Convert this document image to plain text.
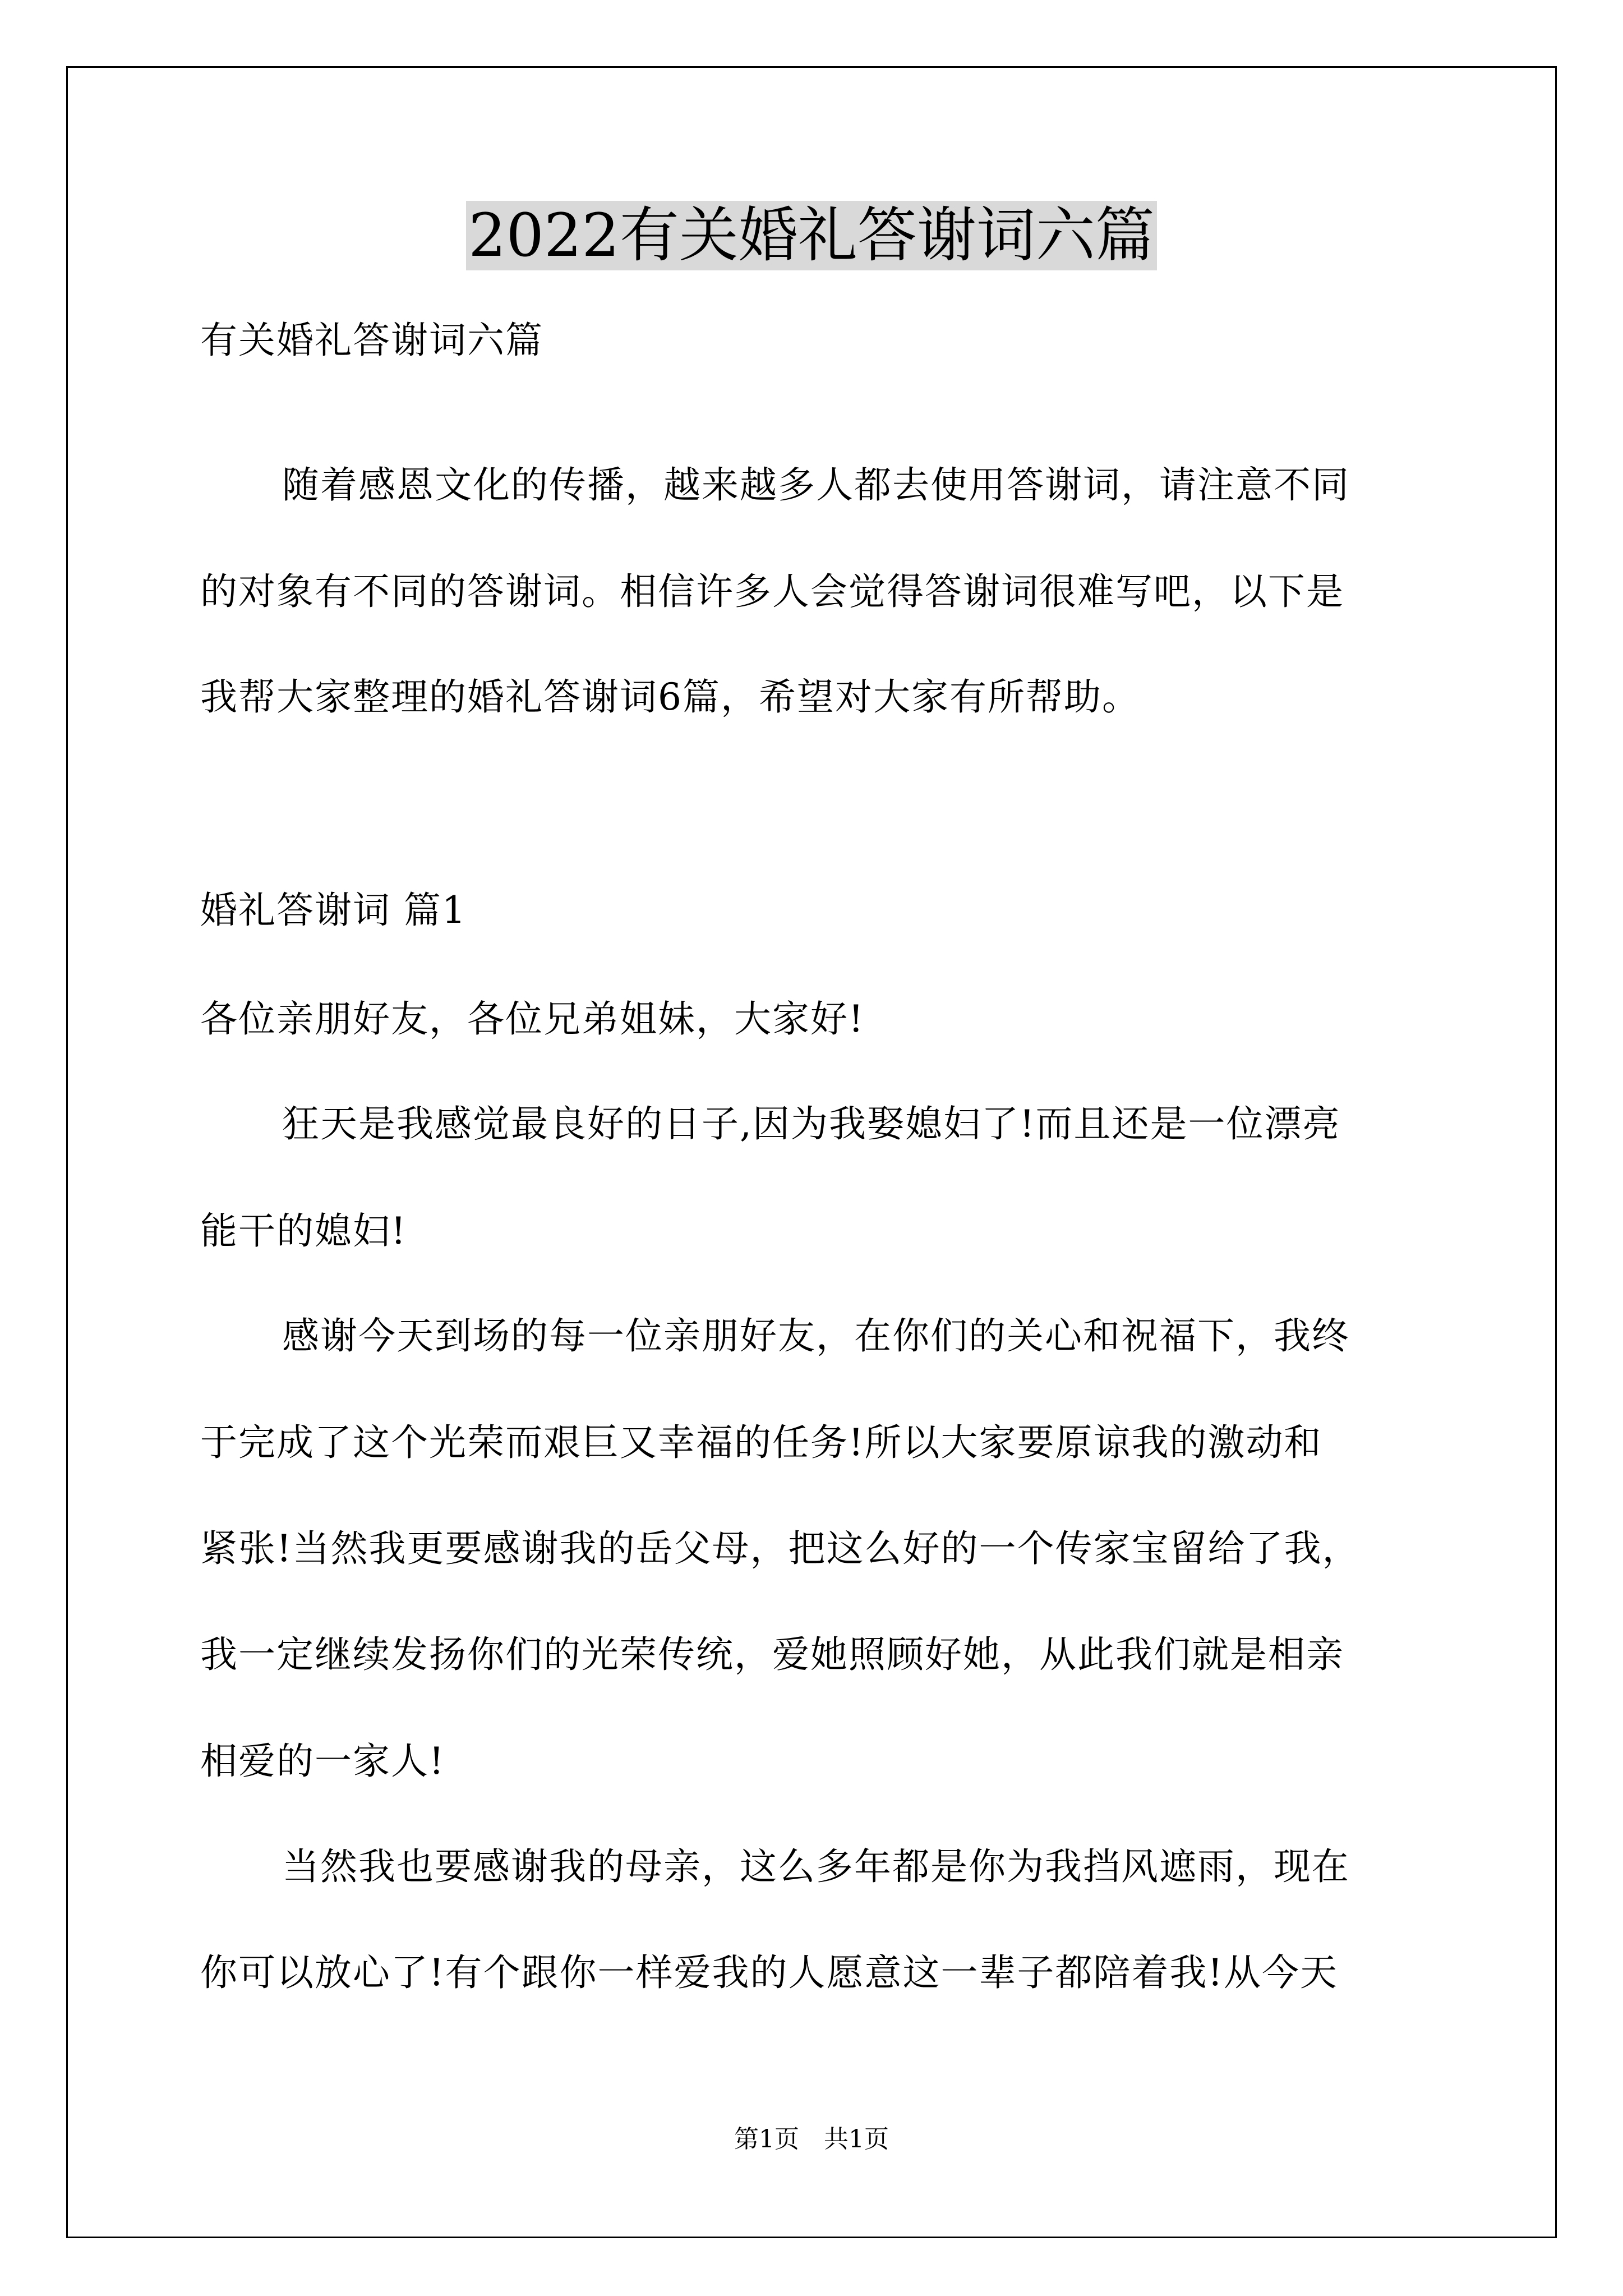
2022有关婚礼答谢词六篇
有关婚礼答谢词六篇
随着感恩文化的传播，越来越多人都去使用答谢词，请注意不同
的对象有不同的答谢词。相信许多人会觉得答谢词很难写吧，以下是
我帮大家整理的婚礼答谢词6篇，希望对大家有所帮助。
婚礼答谢词 篇1
各位亲朋好友，各位兄弟姐妹，大家好!
狂天是我感觉最良好的日子,因为我娶媳妇了!而且还是一位漂亮
能干的媳妇!
感谢今天到场的每一位亲朋好友，在你们的关心和祝福下，我终
于完成了这个光荣而艰巨又幸福的任务!所以大家要原谅我的激动和
紧张!当然我更要感谢我的岳父母，把这么好的一个传家宝留给了我，
我一定继续发扬你们的光荣传统，爱她照顾好她，从此我们就是相亲
相爱的一家人!
当然我也要感谢我的母亲，这么多年都是你为我挡风遮雨，现在
你可以放心了!有个跟你一样爱我的人愿意这一辈子都陪着我!从今天
第1页　共1页
